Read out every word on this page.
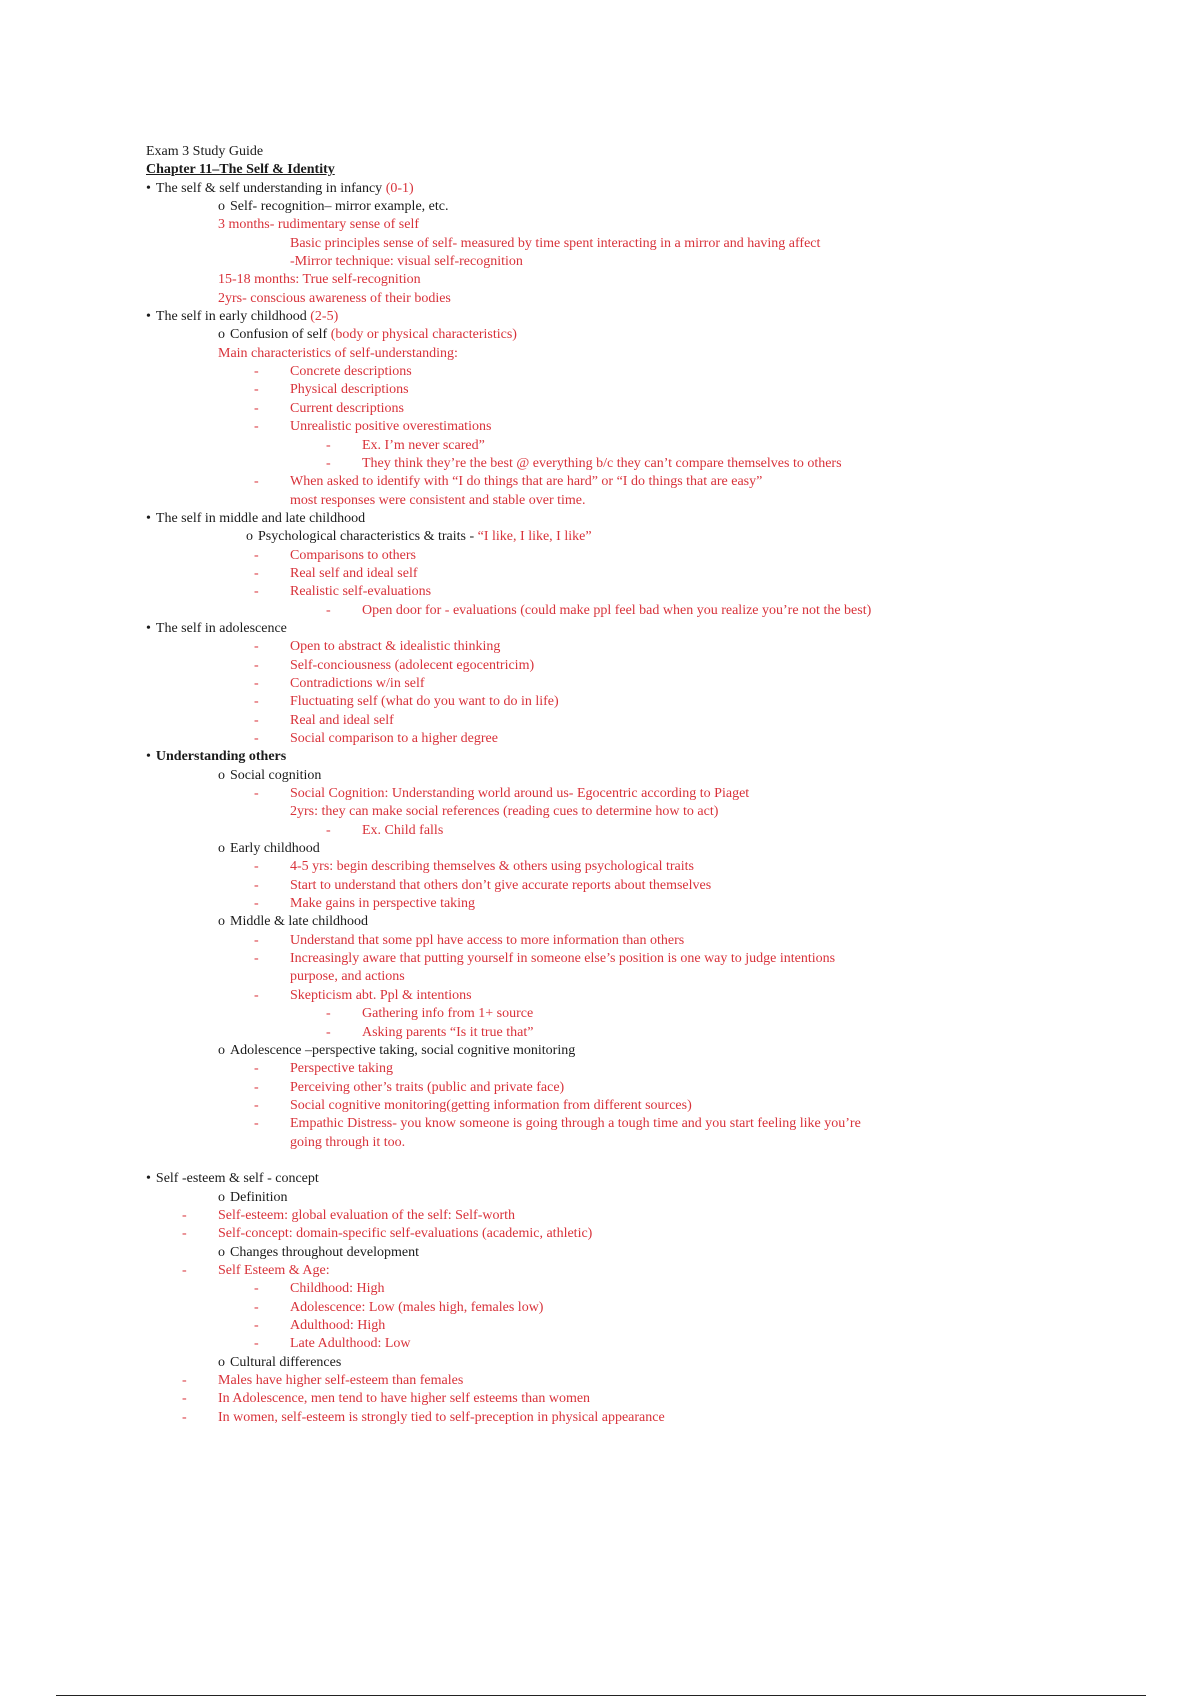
Exam 3 Study Guide
Chapter 11–The Self & Identity
• The self & self understanding in infancy (0-1)
o Self- recognition– mirror example, etc.
3 months- rudimentary sense of self
Basic principles sense of self- measured by time spent interacting in a mirror and having affect
-Mirror technique: visual self-recognition
15-18 months: True self-recognition
2yrs- conscious awareness of their bodies
• The self in early childhood (2-5)
o Confusion of self (body or physical characteristics)
Main characteristics of self-understanding:
- Concrete descriptions
- Physical descriptions
- Current descriptions
- Unrealistic positive overestimations
- Ex. I’m never scared”
- They think they’re the best @ everything b/c they can’t compare themselves to others
- When asked to identify with “I do things that are hard” or “I do things that are easy”
most responses were consistent and stable over time.
• The self in middle and late childhood
o Psychological characteristics & traits - “I like, I like, I like”
- Comparisons to others
- Real self and ideal self
- Realistic self-evaluations
- Open door for - evaluations (could make ppl feel bad when you realize you’re not the best)
• The self in adolescence
- Open to abstract & idealistic thinking
- Self-conciousness (adolecent egocentricim)
- Contradictions w/in self
- Fluctuating self (what do you want to do in life)
- Real and ideal self
- Social comparison to a higher degree
• Understanding others
o Social cognition
- Social Cognition: Understanding world around us- Egocentric according to Piaget
2yrs: they can make social references (reading cues to determine how to act)
- Ex. Child falls
o Early childhood
- 4-5 yrs: begin describing themselves & others using psychological traits
- Start to understand that others don’t give accurate reports about themselves
- Make gains in perspective taking
o Middle & late childhood
- Understand that some ppl have access to more information than others
- Increasingly aware that putting yourself in someone else’s position is one way to judge intentions
purpose, and actions
- Skepticism abt. Ppl & intentions
- Gathering info from 1+ source
- Asking parents “Is it true that”
o Adolescence –perspective taking, social cognitive monitoring
- Perspective taking
- Perceiving other’s traits (public and private face)
- Social cognitive monitoring(getting information from different sources)
- Empathic Distress- you know someone is going through a tough time and you start feeling like you’re
going through it too.
• Self -esteem & self - concept
o Definition
- Self-esteem: global evaluation of the self: Self-worth
- Self-concept: domain-specific self-evaluations (academic, athletic)
o Changes throughout development
- Self Esteem & Age:
- Childhood: High
- Adolescence: Low (males high, females low)
- Adulthood: High
- Late Adulthood: Low
o Cultural differences
- Males have higher self-esteem than females
- In Adolescence, men tend to have higher self esteems than women
- In women, self-esteem is strongly tied to self-preception in physical appearance
